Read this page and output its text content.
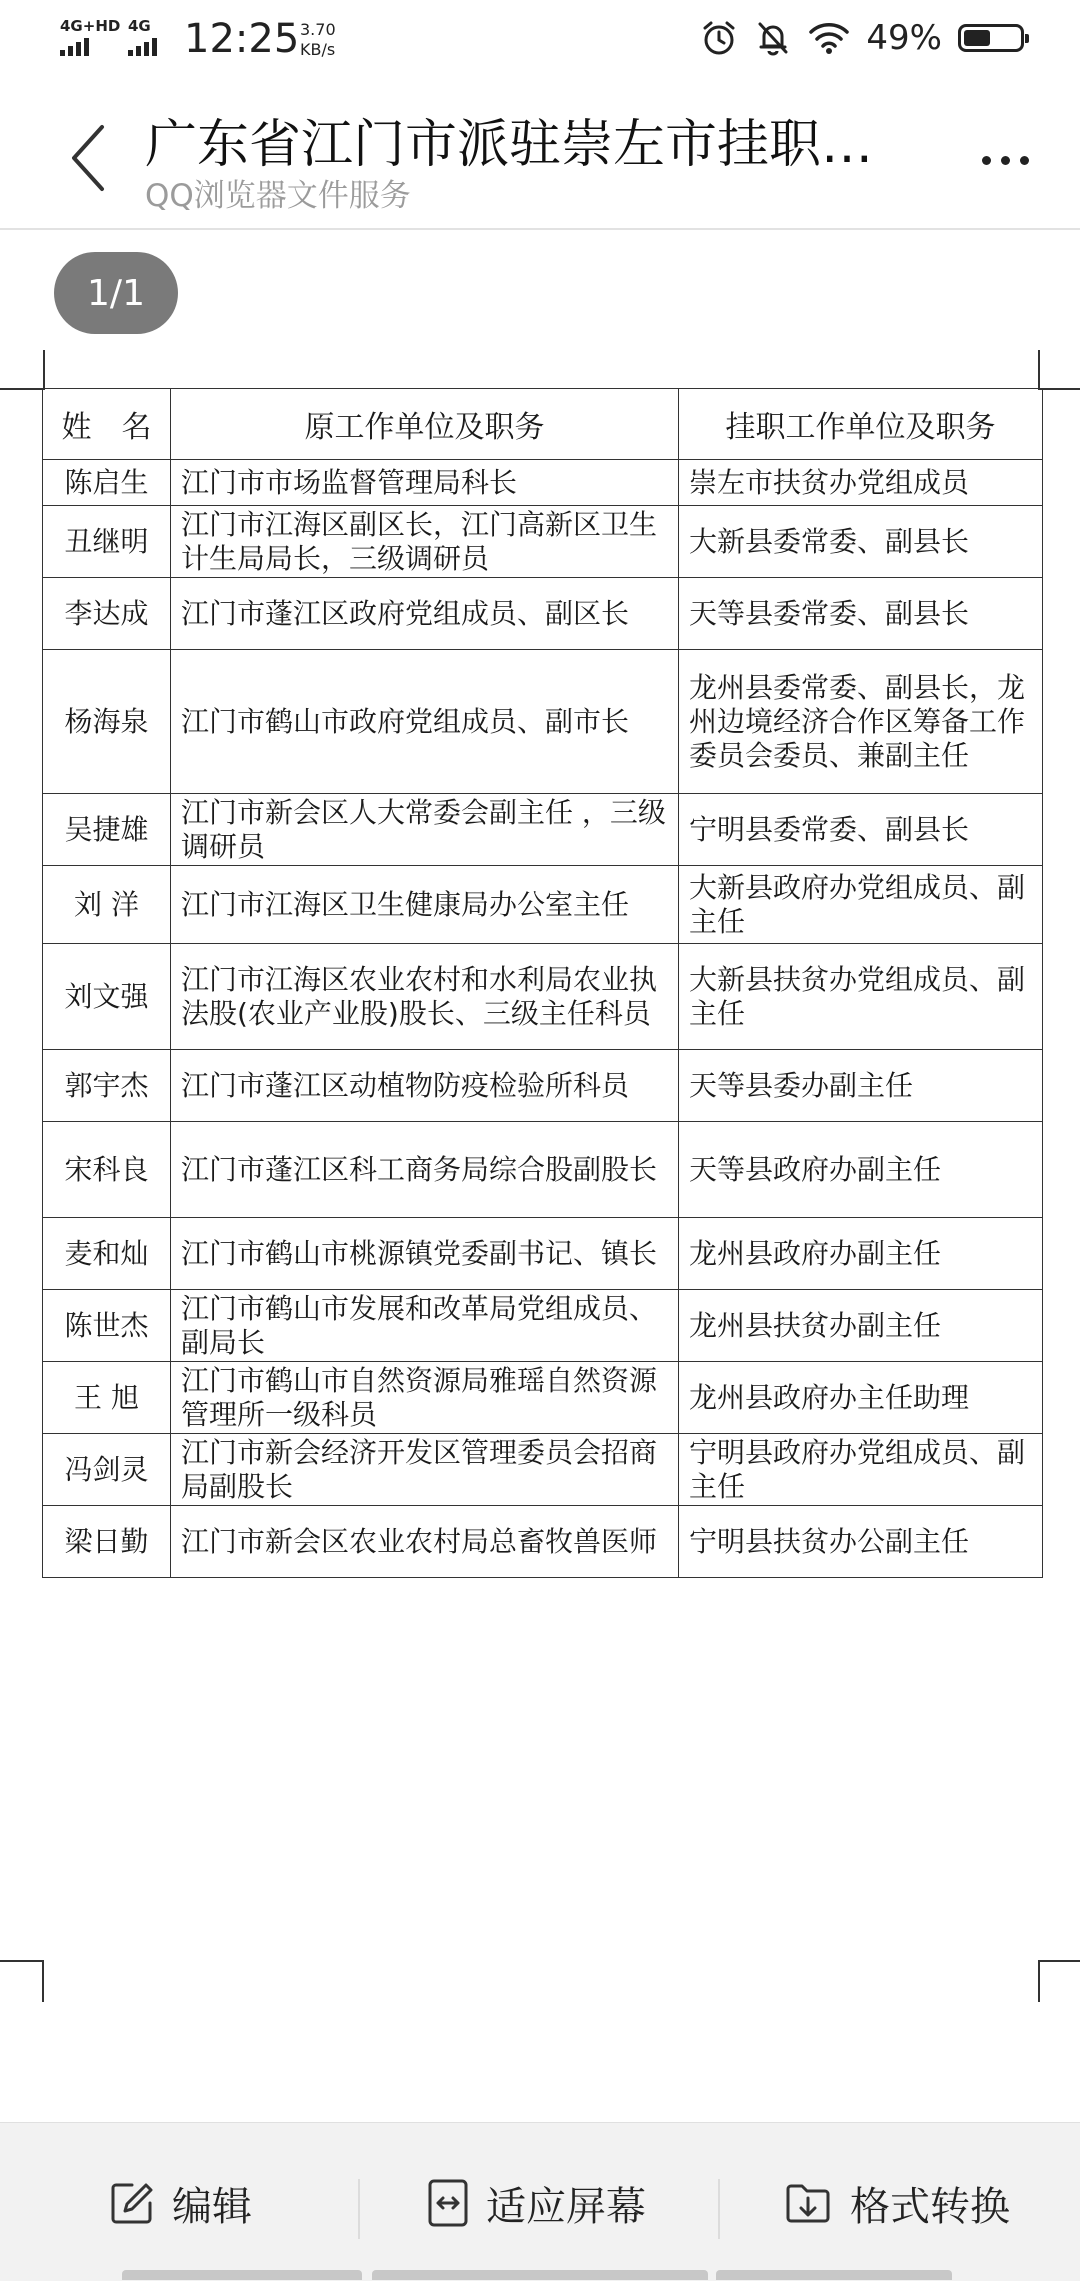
4G+HD 4G 12:25 3.70
KB/s	49%
广东省江门市派驻崇左市挂职…
QQ浏览器文件服务
1/1
姓　名	原工作单位及职务	挂职工作单位及职务
陈启生	江门市市场监督管理局科长	崇左市扶贫办党组成员
丑继明	江门市江海区副区长，江门高新区卫生计生局局长，三级调研员	大新县委常委、副县长
李达成	江门市蓬江区政府党组成员、副区长	天等县委常委、副县长
杨海泉	江门市鹤山市政府党组成员、副市长	龙州县委常委、副县长，龙州边境经济合作区筹备工作委员会委员、兼副主任
吴捷雄	江门市新会区人大常委会副主任 ，三级调研员	宁明县委常委、副县长
刘 洋	江门市江海区卫生健康局办公室主任	大新县政府办党组成员、副主任
刘文强	江门市江海区农业农村和水利局农业执法股(农业产业股)股长、三级主任科员	大新县扶贫办党组成员、副主任
郭宇杰	江门市蓬江区动植物防疫检验所科员	天等县委办副主任
宋科良	江门市蓬江区科工商务局综合股副股长	天等县政府办副主任
麦和灿	江门市鹤山市桃源镇党委副书记、镇长	龙州县政府办副主任
陈世杰	江门市鹤山市发展和改革局党组成员、副局长	龙州县扶贫办副主任
王 旭	江门市鹤山市自然资源局雅瑶自然资源管理所一级科员	龙州县政府办主任助理
冯剑灵	江门市新会经济开发区管理委员会招商局副股长	宁明县政府办党组成员、副主任
梁日勤	江门市新会区农业农村局总畜牧兽医师	宁明县扶贫办公副主任
编辑	适应屏幕	格式转换
